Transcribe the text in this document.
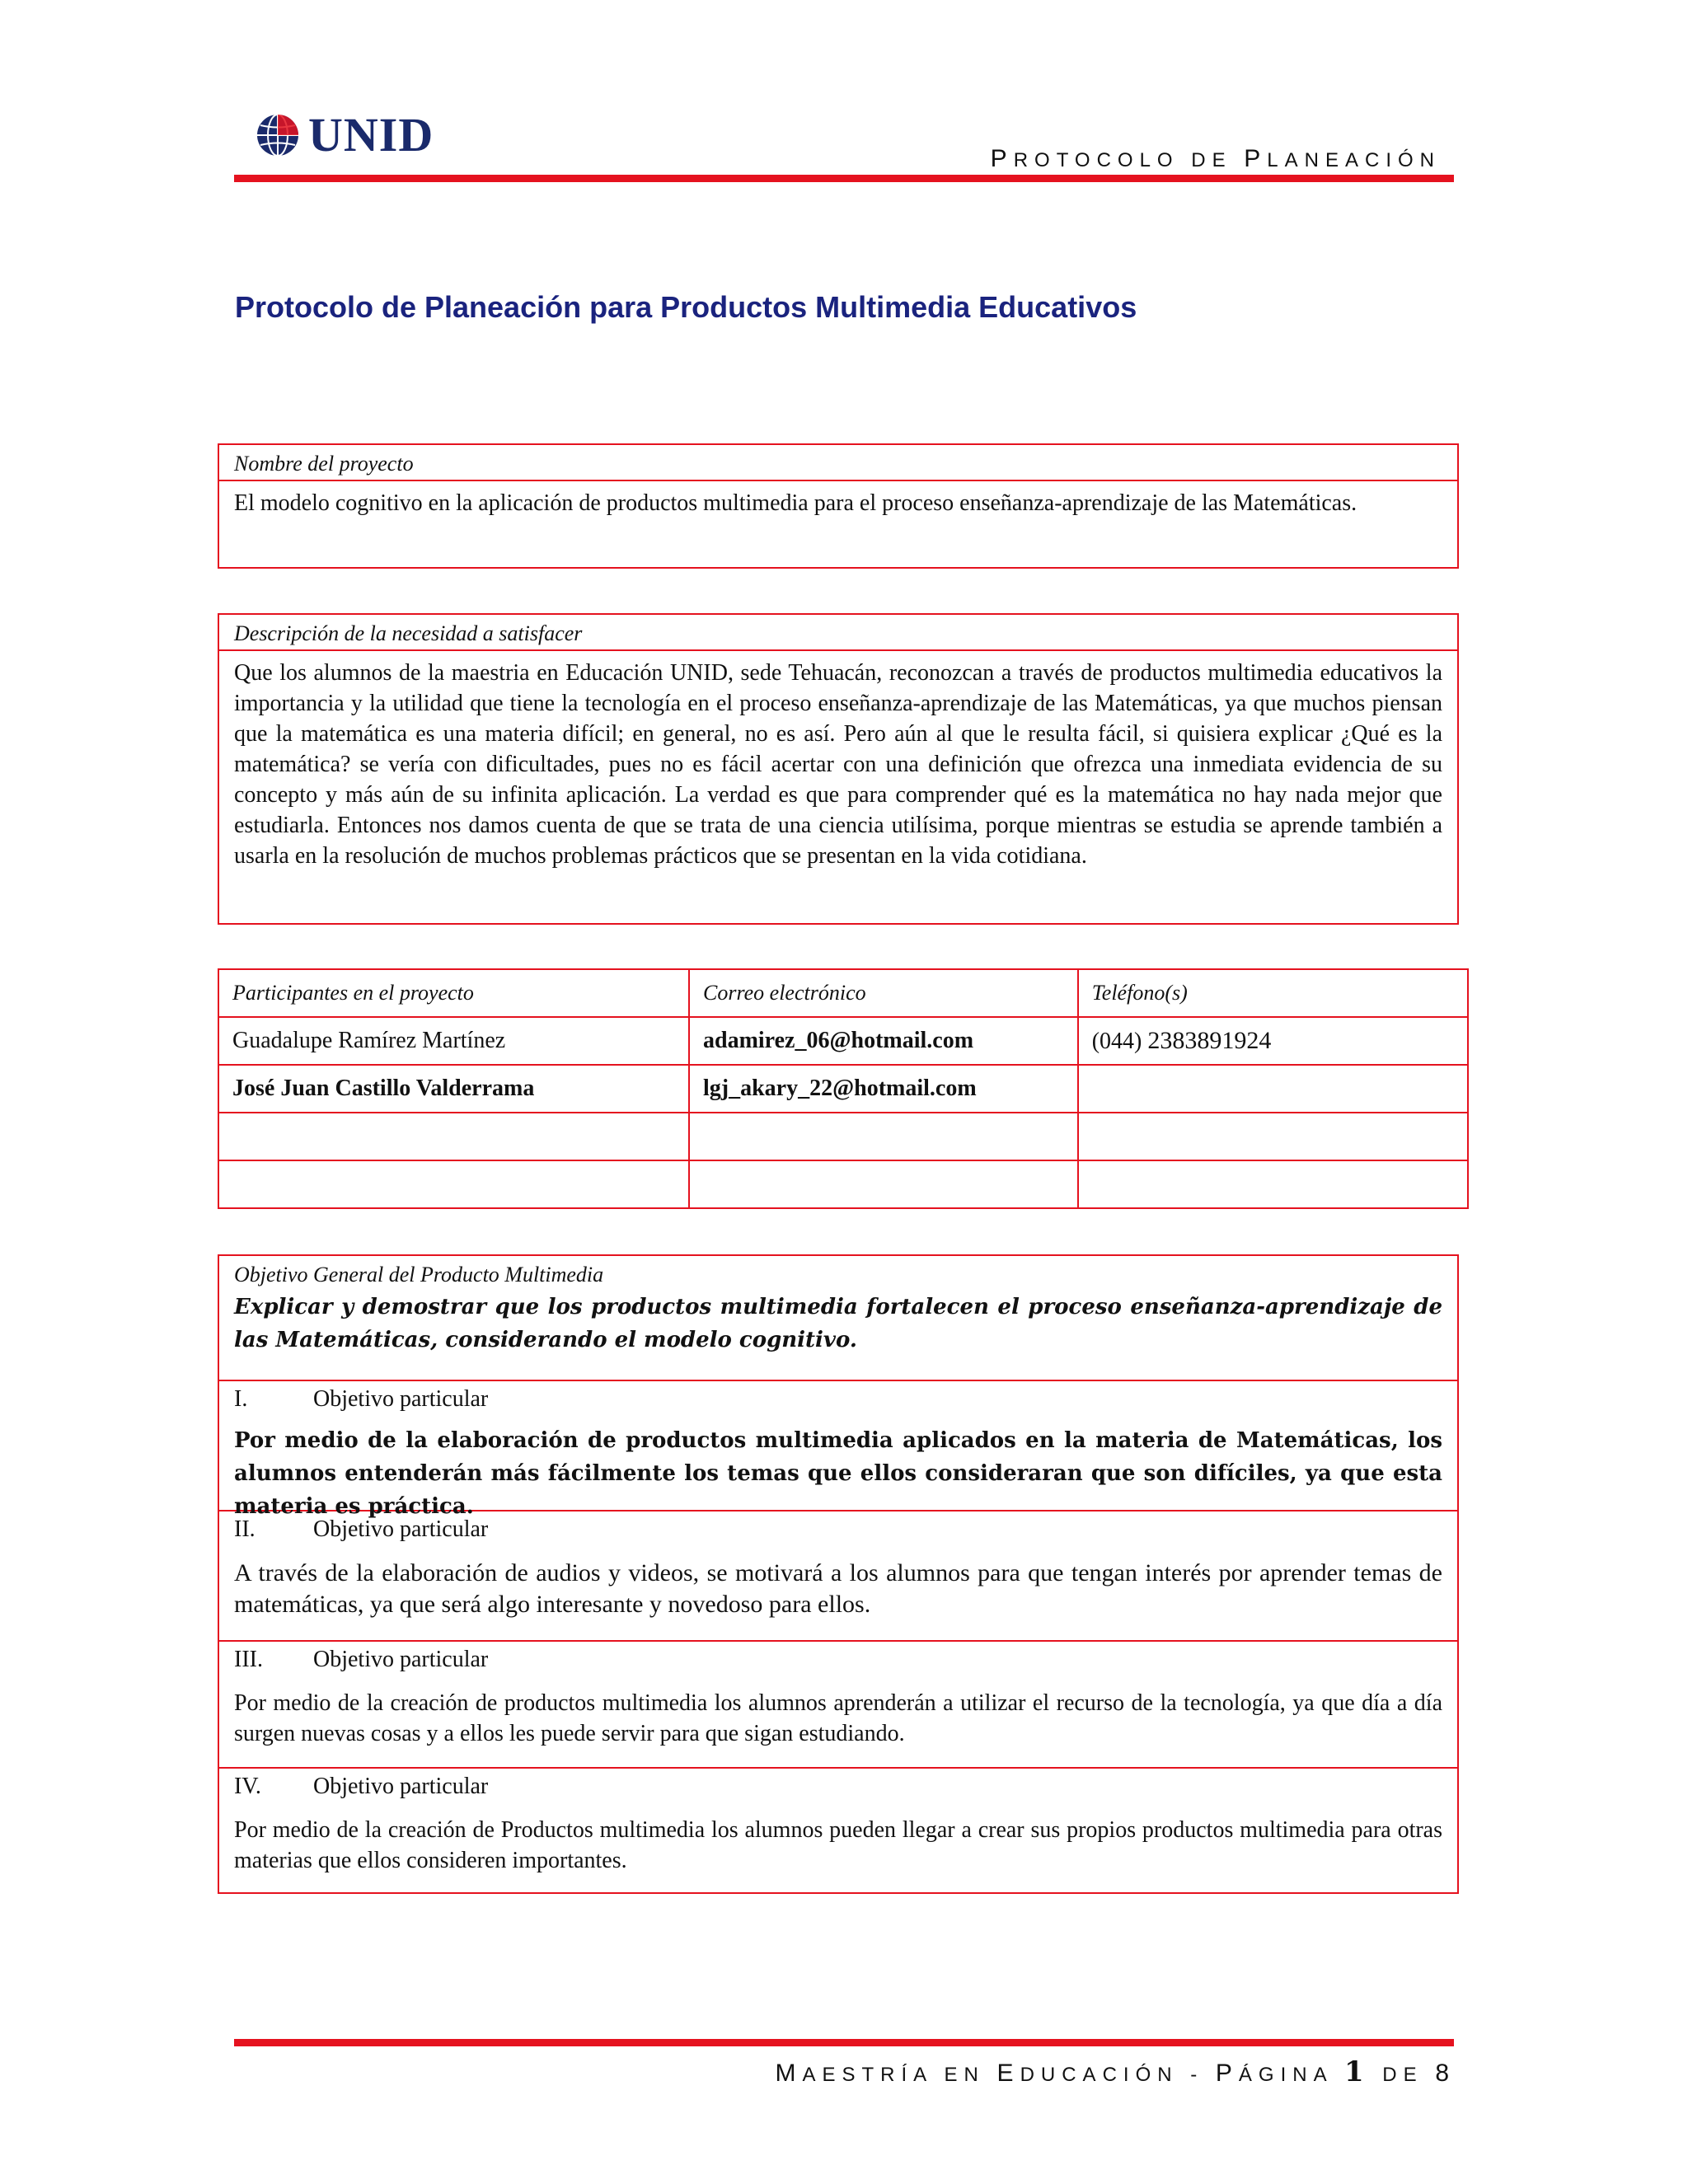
UNID	PROTOCOLO DE PLANEACIÓN
Protocolo de Planeación para Productos Multimedia Educativos
Nombre del proyecto
El modelo cognitivo en la aplicación de productos multimedia para el proceso enseñanza-aprendizaje de las Matemáticas.
Descripción de la necesidad a satisfacer
Que los alumnos de la maestria en Educación UNID, sede Tehuacán, reconozcan a través de productos multimedia educativos la importancia y la utilidad que tiene la tecnología en el proceso enseñanza-aprendizaje de las Matemáticas, ya que muchos piensan que la matemática es una materia difícil; en general, no es así. Pero aún al que le resulta fácil, si quisiera explicar ¿Qué es la matemática? se vería con dificultades, pues no es fácil acertar con una definición que ofrezca una inmediata evidencia de su concepto y más aún de su infinita aplicación. La verdad es que para comprender qué es la matemática no hay nada mejor que estudiarla. Entonces nos damos cuenta de que se trata de una ciencia utilísima, porque mientras se estudia se aprende también a usarla en la resolución de muchos problemas prácticos que se presentan en la vida cotidiana.
Participantes en el proyecto	Correo electrónico	Teléfono(s)
Guadalupe Ramírez Martínez	adamirez_06@hotmail.com	(044) 2383891924
José Juan Castillo Valderrama	lgj_akary_22@hotmail.com	

Objetivo General del Producto Multimedia
Explicar y demostrar que los productos multimedia fortalecen el proceso enseñanza-aprendizaje de las Matemáticas, considerando el modelo cognitivo.
I.	Objetivo particular
Por medio de la elaboración de productos multimedia aplicados en la materia de Matemáticas, los alumnos entenderán más fácilmente los temas que ellos consideraran que son difíciles, ya que esta materia es práctica.
II.	Objetivo particular
A través de la elaboración de audios y videos, se motivará a los alumnos para que tengan interés por aprender temas de matemáticas, ya que será algo interesante y novedoso para ellos.
III.	Objetivo particular
Por medio de la creación de productos multimedia los alumnos aprenderán a utilizar el recurso de la tecnología, ya que día a día surgen nuevas cosas y a ellos les puede servir para que sigan estudiando.
IV.	Objetivo particular
Por medio de la creación de Productos multimedia los alumnos pueden llegar a crear sus propios productos multimedia para otras materias que ellos consideren importantes.
MAESTRÍA EN EDUCACIÓN - PÁGINA 1 DE 8
